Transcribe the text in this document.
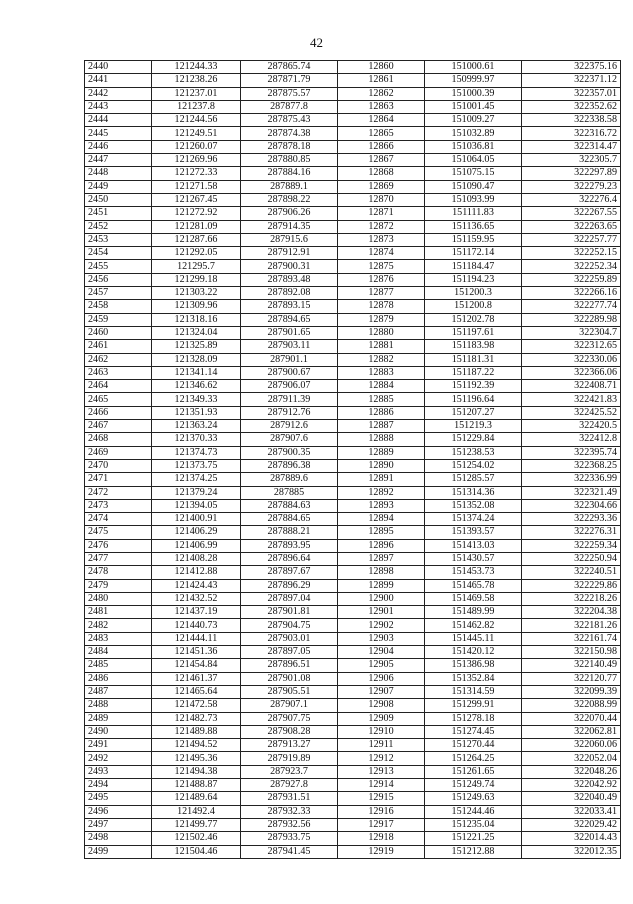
42
2440	121244.33	287865.74	12860	151000.61	322375.16
2441	121238.26	287871.79	12861	150999.97	322371.12
2442	121237.01	287875.57	12862	151000.39	322357.01
2443	121237.8	287877.8	12863	151001.45	322352.62
2444	121244.56	287875.43	12864	151009.27	322338.58
2445	121249.51	287874.38	12865	151032.89	322316.72
2446	121260.07	287878.18	12866	151036.81	322314.47
2447	121269.96	287880.85	12867	151064.05	322305.7
2448	121272.33	287884.16	12868	151075.15	322297.89
2449	121271.58	287889.1	12869	151090.47	322279.23
2450	121267.45	287898.22	12870	151093.99	322276.4
2451	121272.92	287906.26	12871	151111.83	322267.55
2452	121281.09	287914.35	12872	151136.65	322263.65
2453	121287.66	287915.6	12873	151159.95	322257.77
2454	121292.05	287912.91	12874	151172.14	322252.15
2455	121295.7	287900.31	12875	151184.47	322252.34
2456	121299.18	287893.48	12876	151194.23	322259.89
2457	121303.22	287892.08	12877	151200.3	322266.16
2458	121309.96	287893.15	12878	151200.8	322277.74
2459	121318.16	287894.65	12879	151202.78	322289.98
2460	121324.04	287901.65	12880	151197.61	322304.7
2461	121325.89	287903.11	12881	151183.98	322312.65
2462	121328.09	287901.1	12882	151181.31	322330.06
2463	121341.14	287900.67	12883	151187.22	322366.06
2464	121346.62	287906.07	12884	151192.39	322408.71
2465	121349.33	287911.39	12885	151196.64	322421.83
2466	121351.93	287912.76	12886	151207.27	322425.52
2467	121363.24	287912.6	12887	151219.3	322420.5
2468	121370.33	287907.6	12888	151229.84	322412.8
2469	121374.73	287900.35	12889	151238.53	322395.74
2470	121373.75	287896.38	12890	151254.02	322368.25
2471	121374.25	287889.6	12891	151285.57	322336.99
2472	121379.24	287885	12892	151314.36	322321.49
2473	121394.05	287884.63	12893	151352.08	322304.66
2474	121400.91	287884.65	12894	151374.24	322293.36
2475	121406.29	287888.21	12895	151393.57	322276.31
2476	121406.99	287893.95	12896	151413.03	322259.34
2477	121408.28	287896.64	12897	151430.57	322250.94
2478	121412.88	287897.67	12898	151453.73	322240.51
2479	121424.43	287896.29	12899	151465.78	322229.86
2480	121432.52	287897.04	12900	151469.58	322218.26
2481	121437.19	287901.81	12901	151489.99	322204.38
2482	121440.73	287904.75	12902	151462.82	322181.26
2483	121444.11	287903.01	12903	151445.11	322161.74
2484	121451.36	287897.05	12904	151420.12	322150.98
2485	121454.84	287896.51	12905	151386.98	322140.49
2486	121461.37	287901.08	12906	151352.84	322120.77
2487	121465.64	287905.51	12907	151314.59	322099.39
2488	121472.58	287907.1	12908	151299.91	322088.99
2489	121482.73	287907.75	12909	151278.18	322070.44
2490	121489.88	287908.28	12910	151274.45	322062.81
2491	121494.52	287913.27	12911	151270.44	322060.06
2492	121495.36	287919.89	12912	151264.25	322052.04
2493	121494.38	287923.7	12913	151261.65	322048.26
2494	121488.87	287927.8	12914	151249.74	322042.92
2495	121489.64	287931.51	12915	151249.63	322040.49
2496	121492.4	287932.33	12916	151244.46	322033.41
2497	121499.77	287932.56	12917	151235.04	322029.42
2498	121502.46	287933.75	12918	151221.25	322014.43
2499	121504.46	287941.45	12919	151212.88	322012.35
